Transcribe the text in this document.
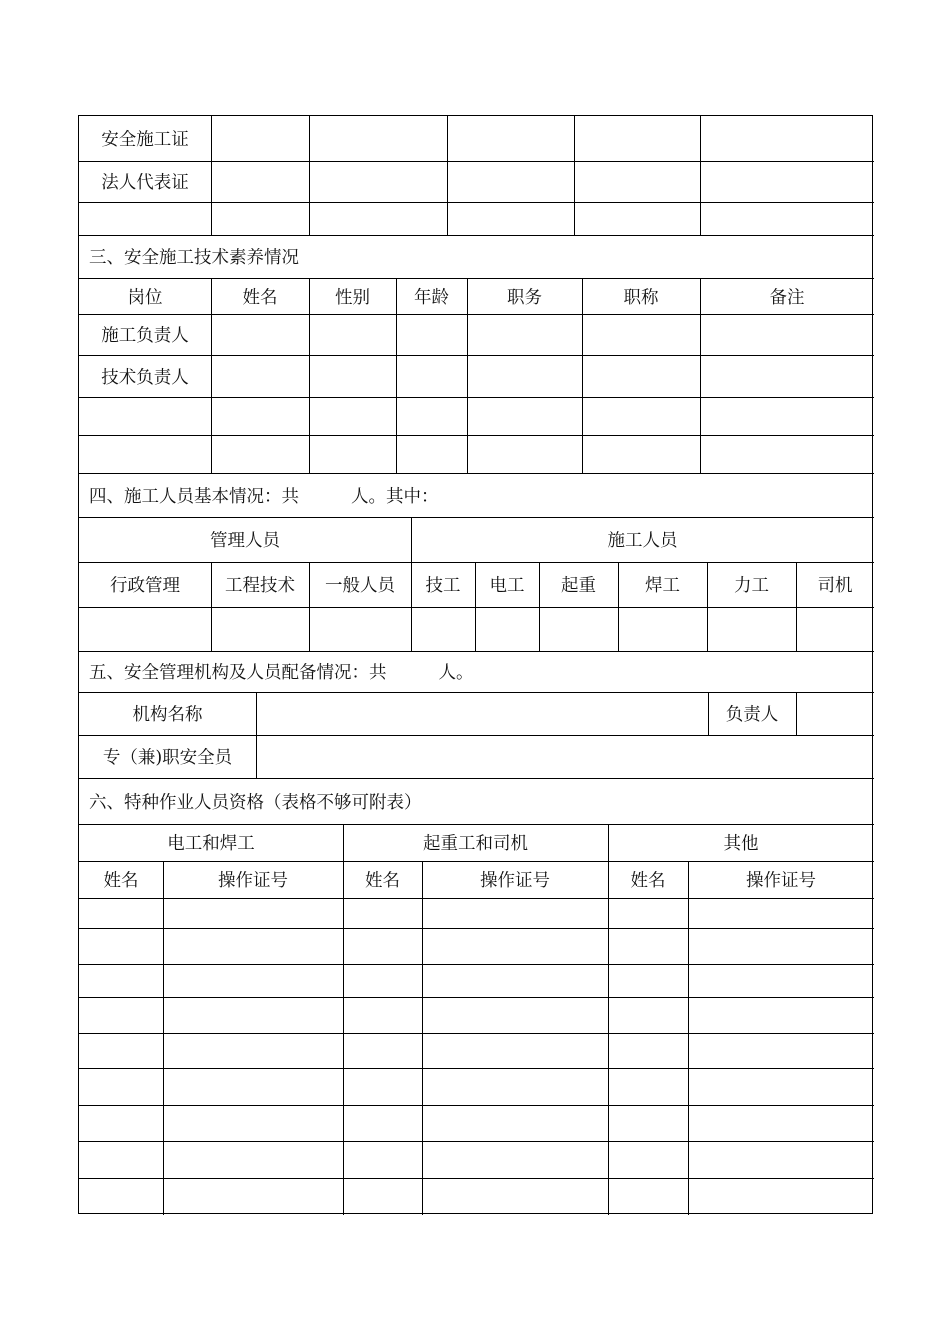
安全施工证
法人代表证
三、安全施工技术素养情况
岗位	姓名	性别	年龄	职务	职称	备注
施工负责人
技术负责人
四、施工人员基本情况：共	人。其中：
管理人员	施工人员
行政管理	工程技术	一般人员	技工	电工	起重	焊工	力工	司机
五、安全管理机构及人员配备情况：共	人。
机构名称	负责人
专（兼)职安全员
六、特种作业人员资格（表格不够可附表）
电工和焊工	起重工和司机	其他
姓名	操作证号	姓名	操作证号	姓名	操作证号
